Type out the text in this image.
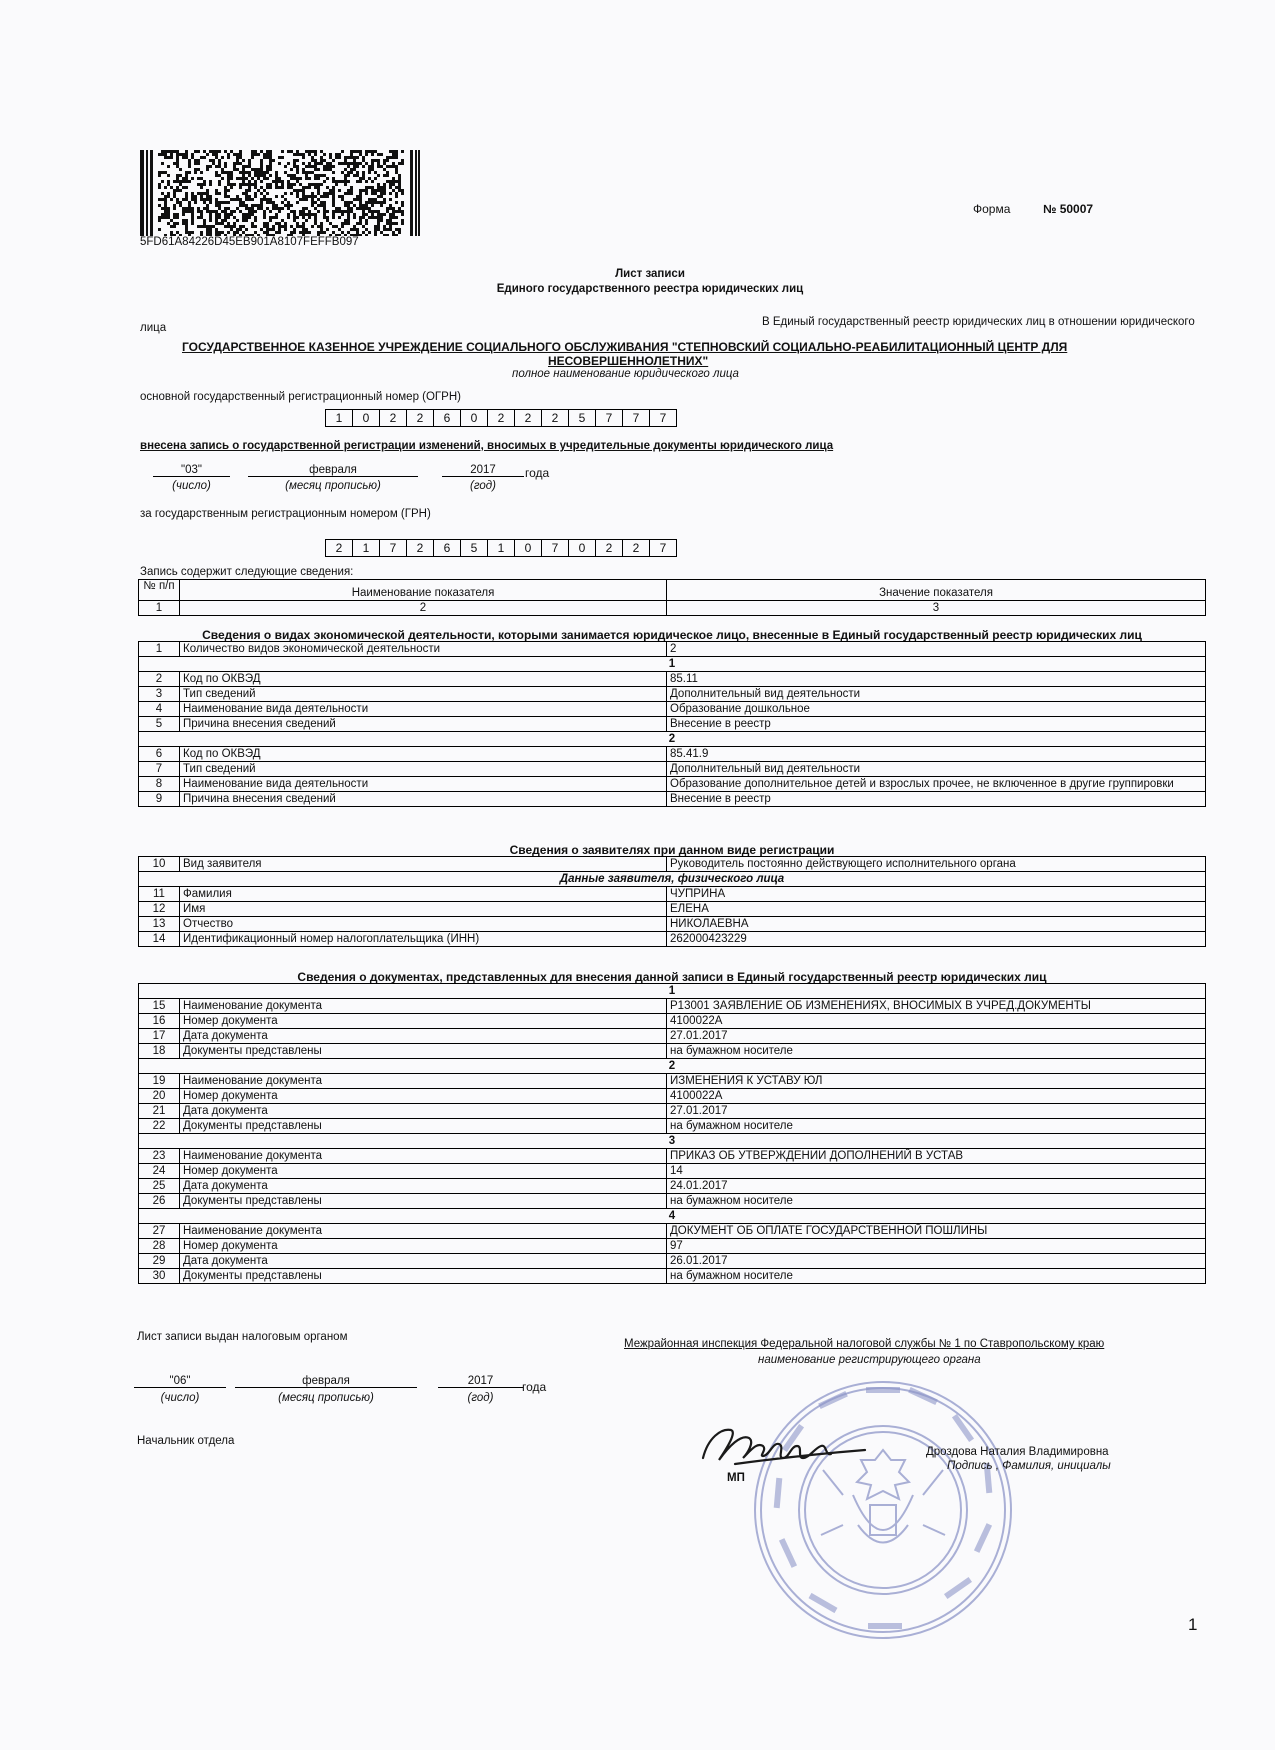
5FD61A84226D45EB901A8107FEFFB097
Форма	№ 50007
Лист записи
Единого государственного реестра юридических лиц
В Единый государственный реестр юридических лиц в отношении юридического
лица
ГОСУДАРСТВЕННОЕ КАЗЕННОЕ УЧРЕЖДЕНИЕ СОЦИАЛЬНОГО ОБСЛУЖИВАНИЯ "СТЕПНОВСКИЙ СОЦИАЛЬНО-РЕАБИЛИТАЦИОННЫЙ ЦЕНТР ДЛЯ
НЕСОВЕРШЕННОЛЕТНИХ"
полное наименование юридического лица
основной государственный регистрационный номер (ОГРН)
1	0	2	2	6	0	2	2	2	5	7	7	7
внесена запись о государственной регистрации изменений, вносимых в учредительные документы юридического лица
"03"	февраля	2017	года
(число)	(месяц прописью)	(год)
за государственным регистрационным номером (ГРН)
2	1	7	2	6	5	1	0	7	0	2	2	7
Запись содержит следующие сведения:
№ п/п	Наименование показателя	Значение показателя
1	2	3
Сведения о видах экономической деятельности, которыми занимается юридическое лицо, внесенные в Единый государственный реестр юридических лиц
1	Количество видов экономической деятельности	2
1		
2	Код по ОКВЭД	85.11
3	Тип сведений	Дополнительный вид деятельности
4	Наименование вида деятельности	Образование дошкольное
5	Причина внесения сведений	Внесение в реестр
2		
6	Код по ОКВЭД	85.41.9
7	Тип сведений	Дополнительный вид деятельности
8	Наименование вида деятельности	Образование дополнительное детей и взрослых прочее, не включенное в другие группировки
9	Причина внесения сведений	Внесение в реестр
Сведения о заявителях при данном виде регистрации
10	Вид заявителя	Руководитель постоянно действующего исполнительного органа
Данные заявителя, физического лица		
11	Фамилия	ЧУПРИНА
12	Имя	ЕЛЕНА
13	Отчество	НИКОЛАЕВНА
14	Идентификационный номер налогоплательщика (ИНН)	262000423229
Сведения о документах, представленных для внесения данной записи в Единый государственный реестр юридических лиц
1		
15	Наименование документа	Р13001 ЗАЯВЛЕНИЕ ОБ ИЗМЕНЕНИЯХ, ВНОСИМЫХ В УЧРЕД.ДОКУМЕНТЫ
16	Номер документа	4100022А
17	Дата документа	27.01.2017
18	Документы представлены	на бумажном носителе
2		
19	Наименование документа	ИЗМЕНЕНИЯ К УСТАВУ ЮЛ
20	Номер документа	4100022А
21	Дата документа	27.01.2017
22	Документы представлены	на бумажном носителе
3		
23	Наименование документа	ПРИКАЗ ОБ УТВЕРЖДЕНИИ ДОПОЛНЕНИЙ В УСТАВ
24	Номер документа	14
25	Дата документа	24.01.2017
26	Документы представлены	на бумажном носителе
4		
27	Наименование документа	ДОКУМЕНТ ОБ ОПЛАТЕ ГОСУДАРСТВЕННОЙ ПОШЛИНЫ
28	Номер документа	97
29	Дата документа	26.01.2017
30	Документы представлены	на бумажном носителе
Лист записи выдан налоговым органом
Межрайонная инспекция Федеральной налоговой службы № 1 по Ставропольскому краю
наименование регистрирующего органа
"06"	февраля	2017	года
(число)	(месяц прописью)	(год)
Начальник отдела
Дроздова Наталия Владимировна
Подпись , Фамилия, инициалы
МП
1
